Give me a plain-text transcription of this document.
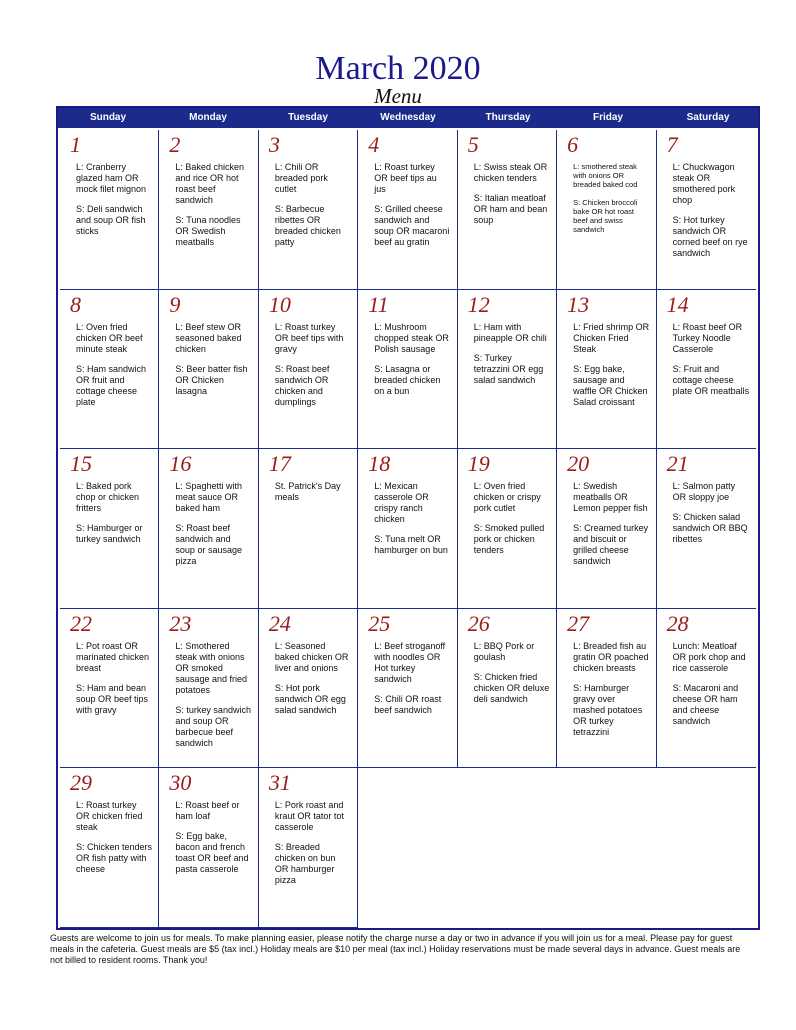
March 2020
Menu
Sunday	Monday	Tuesday	Wednesday	Thursday	Friday	Saturday
1

L: Cranberry glazed ham OR mock filet mignon

S: Deli sandwich and soup OR fish sticks

2

L: Baked chicken and rice OR hot roast beef sandwich

S: Tuna noodles OR Swedish meatballs

3

L: Chili OR breaded pork cutlet

S: Barbecue ribettes OR breaded chicken patty

4

L: Roast turkey OR beef tips au jus

S: Grilled cheese sandwich and soup OR macaroni beef au gratin

5

L: Swiss steak OR chicken tenders

S: Italian meatloaf OR ham and bean soup

6

L: smothered steak with onions OR breaded baked cod

S: Chicken broccoli bake OR hot roast beef and swiss sandwich

7

L: Chuckwagon steak OR smothered pork chop

S: Hot turkey sandwich OR corned beef on rye sandwich

8

L: Oven fried chicken OR beef minute steak

S: Ham sandwich OR fruit and cottage cheese plate

9

L: Beef stew OR seasoned baked chicken

S: Beer batter fish OR Chicken lasagna

10

L: Roast turkey OR beef tips with gravy

S: Roast beef sandwich OR chicken and dumplings

11

L: Mushroom chopped steak OR Polish sausage

S: Lasagna or breaded chicken on a bun

12

L: Ham with pineapple OR chili

S: Turkey tetrazzini OR egg salad sandwich

13

L: Fried shrimp OR Chicken Fried Steak

S: Egg bake, sausage and waffle OR Chicken Salad croissant

14

L: Roast beef OR Turkey Noodle Casserole

S: Fruit and cottage cheese plate OR meatballs

15

L: Baked pork chop or chicken fritters

S: Hamburger or turkey sandwich

16

L: Spaghetti with meat sauce OR baked ham

S: Roast beef sandwich and soup or sausage pizza

17

St. Patrick's Day meals

18

L: Mexican casserole OR crispy ranch chicken

S: Tuna melt OR hamburger on bun

19

L: Oven fried chicken or crispy pork cutlet

S: Smoked pulled pork or chicken tenders

20

L: Swedish meatballs OR Lemon pepper fish

S: Creamed turkey and biscuit or grilled cheese sandwich

21

L: Salmon patty OR sloppy joe

S: Chicken salad sandwich OR BBQ ribettes

22

L: Pot roast OR marinated chicken breast

S: Ham and bean soup OR beef tips with gravy

23

L: Smothered steak with onions OR smoked sausage and fried potatoes

S: turkey sandwich and soup OR barbecue beef sandwich

24

L: Seasoned baked chicken OR liver and onions

S: Hot pork sandwich OR egg salad sandwich

25

L: Beef stroganoff with noodles OR Hot turkey sandwich

S: Chili OR roast beef sandwich

26

L: BBQ Pork or goulash

S: Chicken fried chicken OR deluxe deli sandwich

27

L: Breaded fish au gratin OR poached chicken breasts

S: Hamburger gravy over mashed potatoes OR turkey tetrazzini

28

Lunch: Meatloaf OR pork chop and rice casserole

S: Macaroni and cheese OR ham and cheese sandwich

29

L: Roast turkey OR chicken fried steak

S: Chicken tenders OR fish patty with cheese

30

L: Roast beef or ham loaf

S: Egg bake, bacon and french toast OR beef and pasta casserole

31

L: Pork roast and kraut OR tator tot casserole

S: Breaded chicken on bun OR hamburger pizza

Guests are welcome to join us for meals. To make planning easier, please notify the charge nurse a day or two in advance if you will join us for a meal. Please pay for guest meals in the cafeteria. Guest meals are $5 (tax incl.) Holiday meals are $10 per meal (tax incl.) Holiday reservations must be made several days in advance. Guest meals are not billed to resident rooms. Thank you!
